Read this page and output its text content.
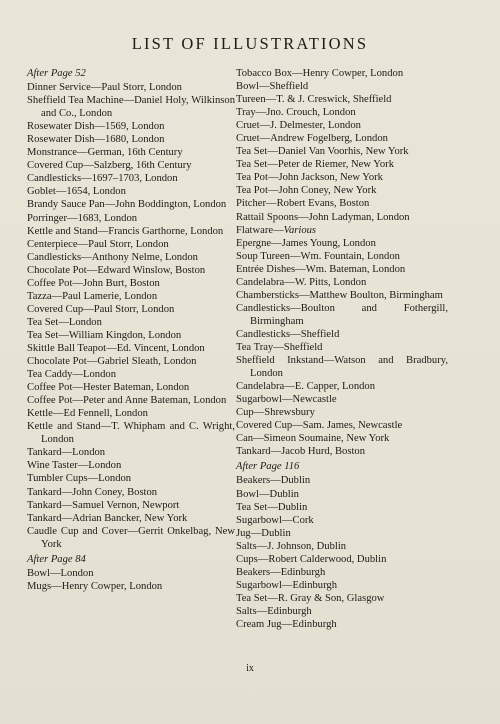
LIST OF ILLUSTRATIONS
After Page 52

Dinner Service—Paul Storr, London

Sheffield Tea Machine—Daniel Holy, Wilkinson and Co., London

Rosewater Dish—1569, London

Rosewater Dish—1680, London

Monstrance—German, 16th Century

Covered Cup—Salzberg, 16th Century

Candlesticks—1697–1703, London

Goblet—1654, London

Brandy Sauce Pan—John Boddington, London

Porringer—1683, London

Kettle and Stand—Francis Garthorne, London

Centerpiece—Paul Storr, London

Candlesticks—Anthony Nelme, London

Chocolate Pot—Edward Winslow, Boston

Coffee Pot—John Burt, Boston

Tazza—Paul Lamerie, London

Covered Cup—Paul Storr, London

Tea Set—London

Tea Set—William Kingdon, London

Skittle Ball Teapot—Ed. Vincent, London

Chocolate Pot—Gabriel Sleath, London

Tea Caddy—London

Coffee Pot—Hester Bateman, London

Coffee Pot—Peter and Anne Bateman, London

Kettle—Ed Fennell, London

Kettle and Stand—T. Whipham and C. Wright, London

Tankard—London

Wine Taster—London

Tumbler Cups—London

Tankard—John Coney, Boston

Tankard—Samuel Vernon, Newport

Tankard—Adrian Bancker, New York

Caudle Cup and Cover—Gerrit Onkelbag, New York

After Page 84

Bowl—London

Mugs—Henry Cowper, London

Tobacco Box—Henry Cowper, London

Bowl—Sheffield

Tureen—T. & J. Creswick, Sheffield

Tray—Jno. Crouch, London

Cruet—J. Delmester, London

Cruet—Andrew Fogelberg, London

Tea Set—Daniel Van Voorhis, New York

Tea Set—Peter de Riemer, New York

Tea Pot—John Jackson, New York

Tea Pot—John Coney, New York

Pitcher—Robert Evans, Boston

Rattail Spoons—John Ladyman, London

Flatware—Various

Epergne—James Young, London

Soup Tureen—Wm. Fountain, London

Entrée Dishes—Wm. Bateman, London

Candelabra—W. Pitts, London

Chambersticks—Matthew Boulton, Birmingham

Candlesticks—Boulton and Fothergill, Birmingham

Candlesticks—Sheffield

Tea Tray—Sheffield

Sheffield Inkstand—Watson and Bradbury, London

Candelabra—E. Capper, London

Sugarbowl—Newcastle

Cup—Shrewsbury

Covered Cup—Sam. James, Newcastle

Can—Simeon Soumaine, New York

Tankard—Jacob Hurd, Boston

After Page 116

Beakers—Dublin

Bowl—Dublin

Tea Set—Dublin

Sugarbowl—Cork

Jug—Dublin

Salts—J. Johnson, Dublin

Cups—Robert Calderwood, Dublin

Beakers—Edinburgh

Sugarbowl—Edinburgh

Tea Set—R. Gray & Son, Glasgow

Salts—Edinburgh

Cream Jug—Edinburgh

ix
